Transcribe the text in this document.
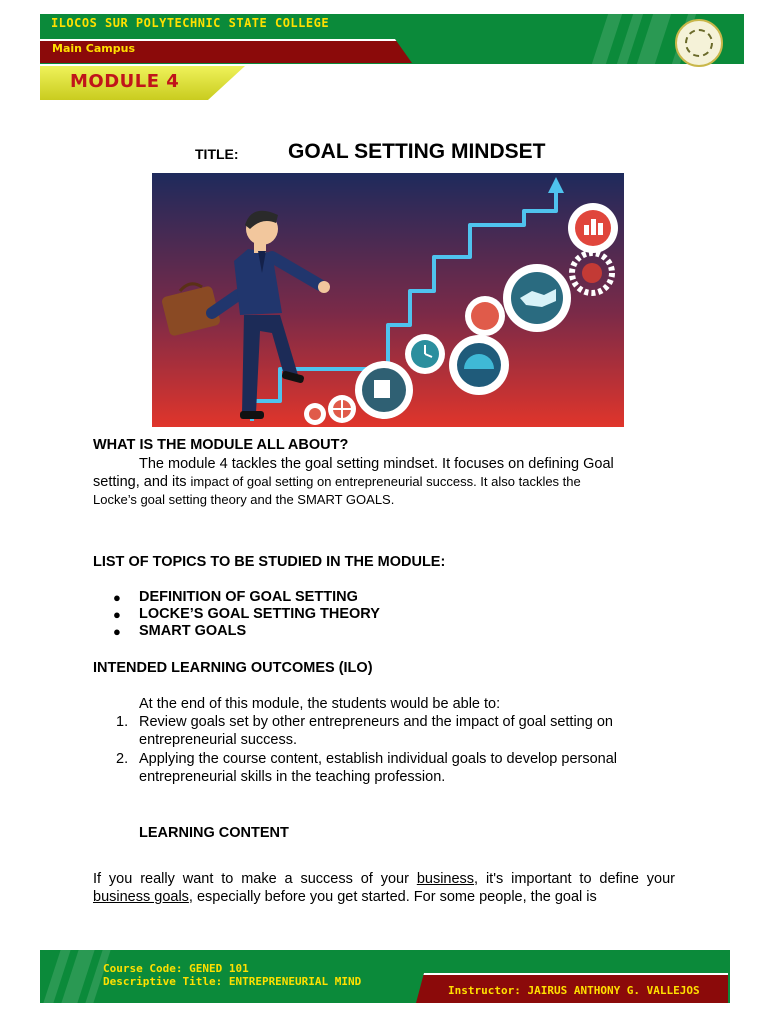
ILOCOS SUR POLYTECHNIC STATE COLLEGE
Main Campus
MODULE 4
TITLE: GOAL SETTING MINDSET
WHAT IS THE MODULE ALL ABOUT?
The module 4 tackles the goal setting mindset. It focuses on defining Goal
setting, and its impact of goal setting on entrepreneurial success. It also tackles the
Locke’s goal setting theory and the SMART GOALS.
LIST OF TOPICS TO BE STUDIED IN THE MODULE:
● DEFINITION OF GOAL SETTING
● LOCKE’S GOAL SETTING THEORY
● SMART GOALS
INTENDED LEARNING OUTCOMES (ILO)
At the end of this module, the students would be able to:
1. Review goals set by other entrepreneurs and the impact of goal setting on
entrepreneurial success.
2. Applying the course content, establish individual goals to develop personal
entrepreneurial skills in the teaching profession.
LEARNING CONTENT
If you really want to make a success of your business, it's important to define your business goals, especially before you get started. For some people, the goal is
Course Code: GENED 101
Descriptive Title: ENTREPRENEURIAL MIND
Instructor: JAIRUS ANTHONY G. VALLEJOS
